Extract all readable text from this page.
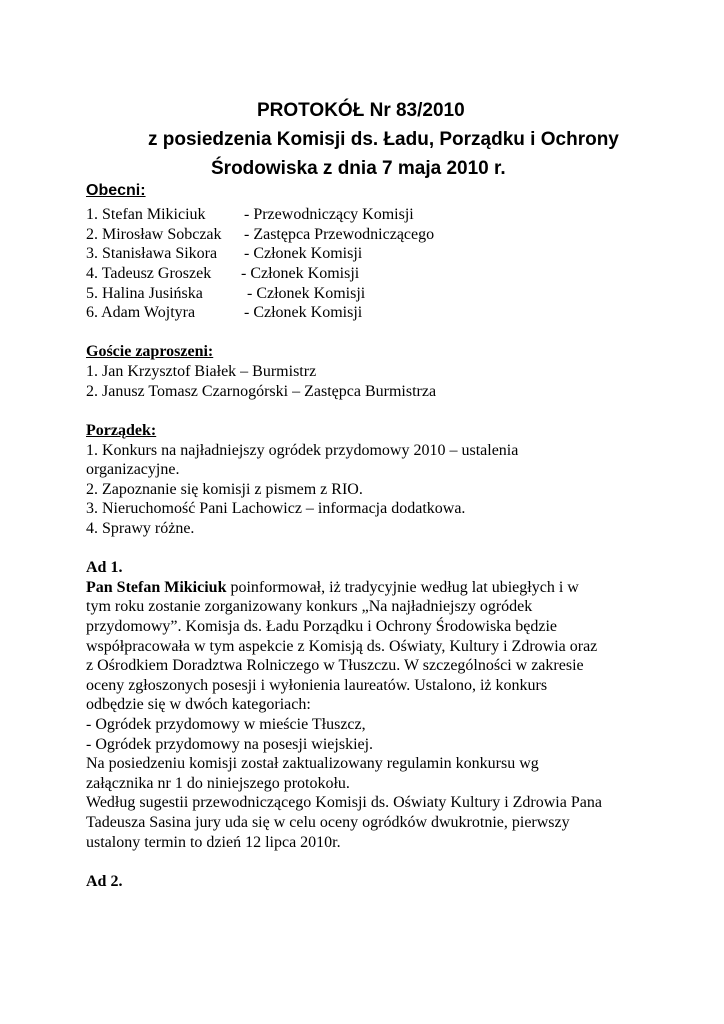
PROTOKÓŁ Nr 83/2010
z posiedzenia Komisji ds. Ładu, Porządku i Ochrony
Środowiska z dnia 7 maja 2010 r.
Obecni:
1. Stefan Mikiciuk - Przewodniczący Komisji
2. Mirosław Sobczak - Zastępca Przewodniczącego
3. Stanisława Sikora - Członek Komisji
4. Tadeusz Groszek - Członek Komisji
5. Halina Jusińska	- Członek Komisji
6. Adam Wojtyra	- Członek Komisji
Goście zaproszeni:
1. Jan Krzysztof Białek – Burmistrz
2. Janusz Tomasz Czarnogórski – Zastępca Burmistrza
Porządek:
1. Konkurs na najładniejszy ogródek przydomowy 2010 – ustalenia
organizacyjne.
2. Zapoznanie się komisji z pismem z RIO.
3. Nieruchomość Pani Lachowicz – informacja dodatkowa.
4. Sprawy różne.
Ad 1.
Pan Stefan Mikiciuk poinformował, iż tradycyjnie według lat ubiegłych i w
tym roku zostanie zorganizowany konkurs „Na najładniejszy ogródek
przydomowy”. Komisja ds. Ładu Porządku i Ochrony Środowiska będzie
współpracowała w tym aspekcie z Komisją ds. Oświaty, Kultury i Zdrowia oraz
z Ośrodkiem Doradztwa Rolniczego w Tłuszczu. W szczególności w zakresie
oceny zgłoszonych posesji i wyłonienia laureatów. Ustalono, iż konkurs
odbędzie się w dwóch kategoriach:
- Ogródek przydomowy w mieście Tłuszcz,
- Ogródek przydomowy na posesji wiejskiej.
Na posiedzeniu komisji został zaktualizowany regulamin konkursu wg
załącznika nr 1 do niniejszego protokołu.
Według sugestii przewodniczącego Komisji ds. Oświaty Kultury i Zdrowia Pana
Tadeusza Sasina jury uda się w celu oceny ogródków dwukrotnie, pierwszy
ustalony termin to dzień 12 lipca 2010r.
Ad 2.
